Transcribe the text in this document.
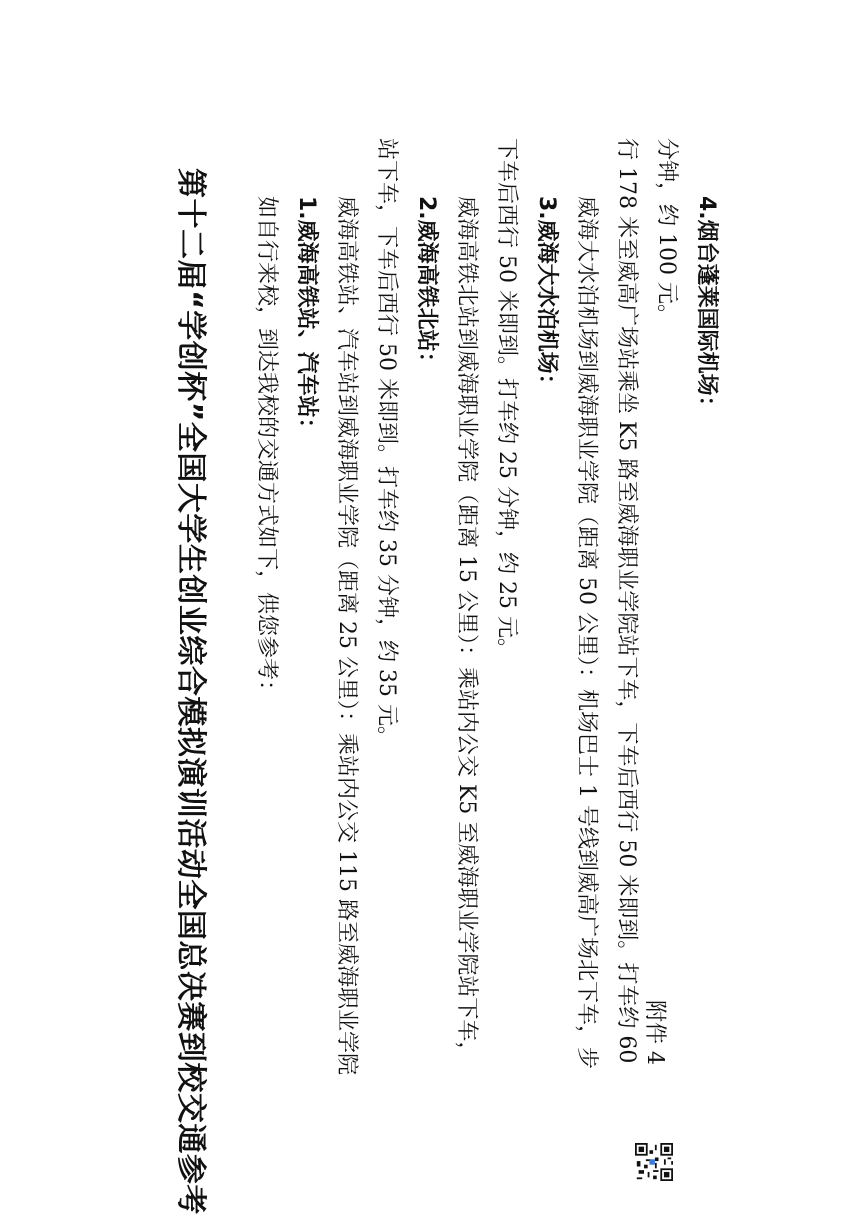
附件 4
第十二届“学创杯”全国大学生创业综合模拟演训活动全国总决赛到校交通参考 如自行来校，到达我校的交通方式如下，供您参考： 1.威海高铁站、汽车站： 威海高铁站、汽车站到威海职业学院（距离 25 公里）：乘站内公交 115 路至威海职业学院 站下车，下车后西行 50 米即到。打车约 35 分钟，约 35 元。 2.威海高铁北站： 威海高铁北站到威海职业学院（距离 15 公里）：乘站内公交 K5 至威海职业学院站下车， 下车后西行 50 米即到。打车约 25 分钟，约 25 元。 3.威海大水泊机场： 威海大水泊机场到威海职业学院（距离 50 公里）：机场巴士 1 号线到威高广场北下车，步 行 178 米至威高广场站乘坐 K5 路至威海职业学院站下车，下车后西行 50 米即到。打车约 60 分钟，约 100 元。 4.烟台蓬莱国际机场：
